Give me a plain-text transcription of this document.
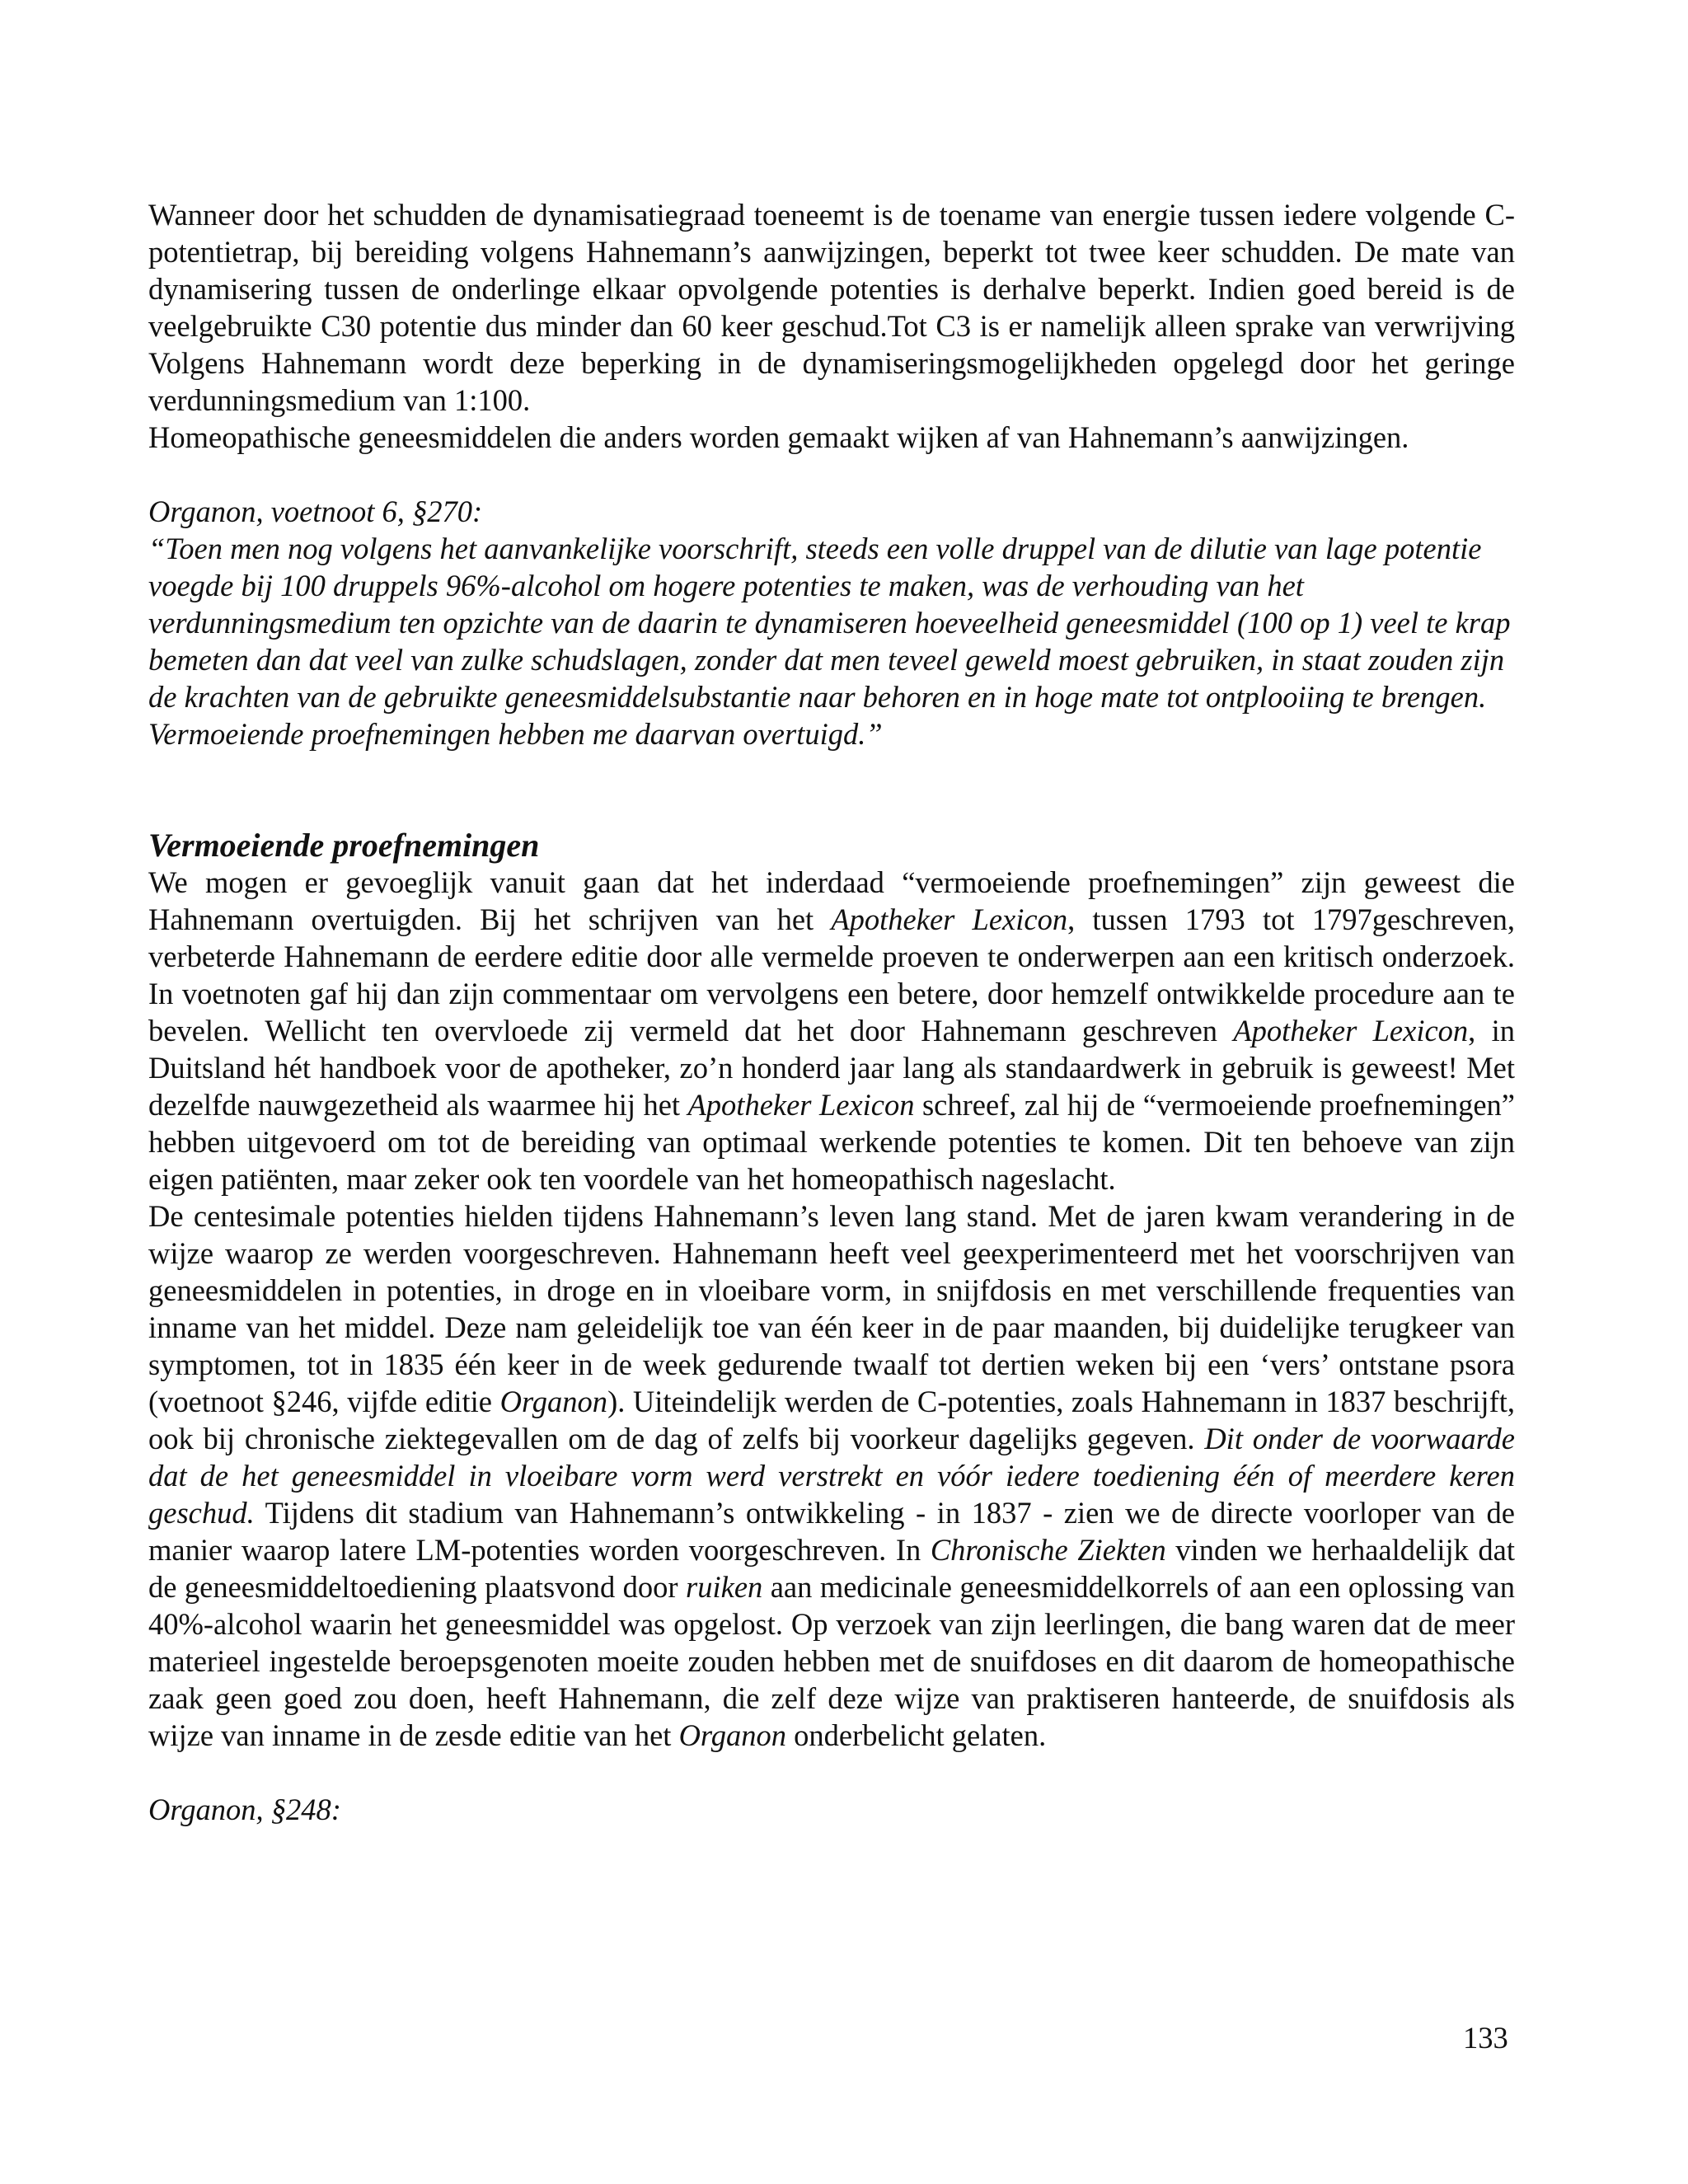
Wanneer door het schudden de dynamisatiegraad toeneemt is de toename van energie tussen iedere volgende C-potentietrap, bij bereiding volgens Hahnemann’s aanwijzingen, beperkt tot twee keer schudden. De mate van dynamisering tussen de onderlinge elkaar opvolgende potenties is derhalve beperkt. Indien goed bereid is de veelgebruikte C30 potentie dus minder dan 60 keer geschud.Tot C3 is er namelijk alleen sprake van verwrijving Volgens Hahnemann wordt deze beperking in de dynamiseringsmogelijkheden opgelegd door het geringe verdunningsmedium van 1:100.

Homeopathische geneesmiddelen die anders worden gemaakt wijken af van Hahnemann’s aanwijzingen.

Organon, voetnoot 6, §270:

“Toen men nog volgens het aanvankelijke voorschrift, steeds een volle druppel van de dilutie van lage potentie voegde bij 100 druppels 96%-alcohol om hogere potenties te maken, was de verhouding van het verdunningsmedium ten opzichte van de daarin te dynamiseren hoeveelheid geneesmiddel (100 op 1) veel te krap bemeten dan dat veel van zulke schudslagen, zonder dat men teveel geweld moest gebruiken, in staat zouden zijn de krachten van de gebruikte geneesmiddelsubstantie naar behoren en in hoge mate tot ontplooiing te brengen. Vermoeiende proefnemingen hebben me daarvan overtuigd.”

Vermoeiende proefnemingen

We mogen er gevoeglijk vanuit gaan dat het inderdaad “vermoeiende proefnemingen” zijn geweest die Hahnemann overtuigden. Bij het schrijven van het Apotheker Lexicon, tussen 1793 tot 1797geschreven, verbeterde Hahnemann de eerdere editie door alle vermelde proeven te onderwerpen aan een kritisch onderzoek. In voetnoten gaf hij dan zijn commentaar om vervolgens een betere, door hemzelf ontwikkelde procedure aan te bevelen. Wellicht ten overvloede zij vermeld dat het door Hahnemann geschreven Apotheker Lexicon, in Duitsland hét handboek voor de apotheker, zo’n honderd jaar lang als standaardwerk in gebruik is geweest! Met dezelfde nauwgezetheid als waarmee hij het Apotheker Lexicon schreef, zal hij de “vermoeiende proefnemingen” hebben uitgevoerd om tot de bereiding van optimaal werkende potenties te komen. Dit ten behoeve van zijn eigen patiënten, maar zeker ook ten voordele van het homeopathisch nageslacht.

De centesimale potenties hielden tijdens Hahnemann’s leven lang stand. Met de jaren kwam verandering in de wijze waarop ze werden voorgeschreven. Hahnemann heeft veel geexperimenteerd met het voorschrijven van geneesmiddelen in potenties, in droge en in vloeibare vorm, in snijfdosis en met verschillende frequenties van inname van het middel. Deze nam geleidelijk toe van één keer in de paar maanden, bij duidelijke terugkeer van symptomen, tot in 1835 één keer in de week gedurende twaalf tot dertien weken bij een ‘vers’ ontstane psora (voetnoot §246, vijfde editie Organon). Uiteindelijk werden de C-potenties, zoals Hahnemann in 1837 beschrijft, ook bij chronische ziektegevallen om de dag of zelfs bij voorkeur dagelijks gegeven. Dit onder de voorwaarde dat de het geneesmiddel in vloeibare vorm werd verstrekt en vóór iedere toediening één of meerdere keren geschud. Tijdens dit stadium van Hahnemann’s ontwikkeling - in 1837 - zien we de directe voorloper van de manier waarop latere LM-potenties worden voorgeschreven. In Chronische Ziekten vinden we herhaaldelijk dat de geneesmiddeltoediening plaatsvond door ruiken aan medicinale geneesmiddelkorrels of aan een oplossing van 40%-alcohol waarin het geneesmiddel was opgelost. Op verzoek van zijn leerlingen, die bang waren dat de meer materieel ingestelde beroepsgenoten moeite zouden hebben met de snuifdoses en dit daarom de homeopathische zaak geen goed zou doen, heeft Hahnemann, die zelf deze wijze van praktiseren hanteerde, de snuifdosis als wijze van inname in de zesde editie van het Organon onderbelicht gelaten.

Organon, §248:

133
